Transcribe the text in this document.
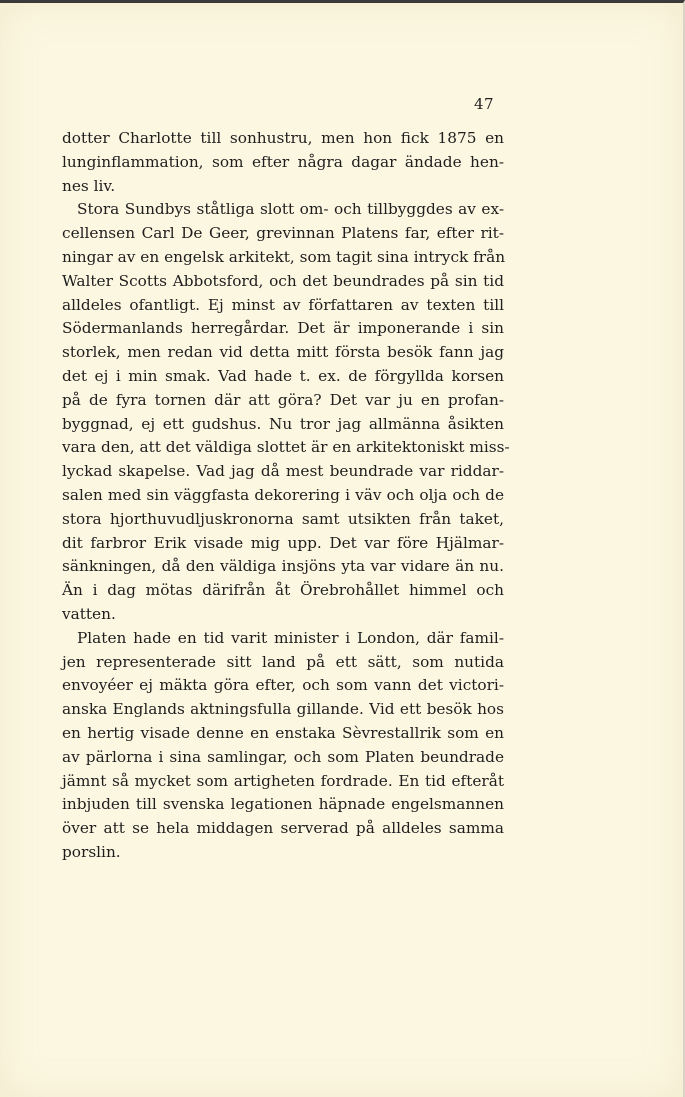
47
dotter Charlotte till sonhustru, men hon fick 1875 en
lunginflammation, som efter några dagar ändade hen-
nes liv.
Stora Sundbys ståtliga slott om- och tillbyggdes av ex-
cellensen Carl De Geer, grevinnan Platens far, efter rit-
ningar av en engelsk arkitekt, som tagit sina intryck från
Walter Scotts Abbotsford, och det beundrades på sin tid
alldeles ofantligt. Ej minst av författaren av texten till
Södermanlands herregårdar. Det är imponerande i sin
storlek, men redan vid detta mitt första besök fann jag
det ej i min smak. Vad hade t. ex. de förgyllda korsen
på de fyra tornen där att göra? Det var ju en profan-
byggnad, ej ett gudshus. Nu tror jag allmänna åsikten
vara den, att det väldiga slottet är en arkitektoniskt miss-
lyckad skapelse. Vad jag då mest beundrade var riddar-
salen med sin väggfasta dekorering i väv och olja och de
stora hjorthuvudljuskronorna samt utsikten från taket,
dit farbror Erik visade mig upp. Det var före Hjälmar-
sänkningen, då den väldiga insjöns yta var vidare än nu.
Än i dag mötas därifrån åt Örebrohållet himmel och
vatten.
Platen hade en tid varit minister i London, där famil-
jen representerade sitt land på ett sätt, som nutida
envoyéer ej mäkta göra efter, och som vann det victori-
anska Englands aktningsfulla gillande. Vid ett besök hos
en hertig visade denne en enstaka Sèvrestallrik som en
av pärlorna i sina samlingar, och som Platen beundrade
jämnt så mycket som artigheten fordrade. En tid efteråt
inbjuden till svenska legationen häpnade engelsmannen
över att se hela middagen serverad på alldeles samma
porslin.
